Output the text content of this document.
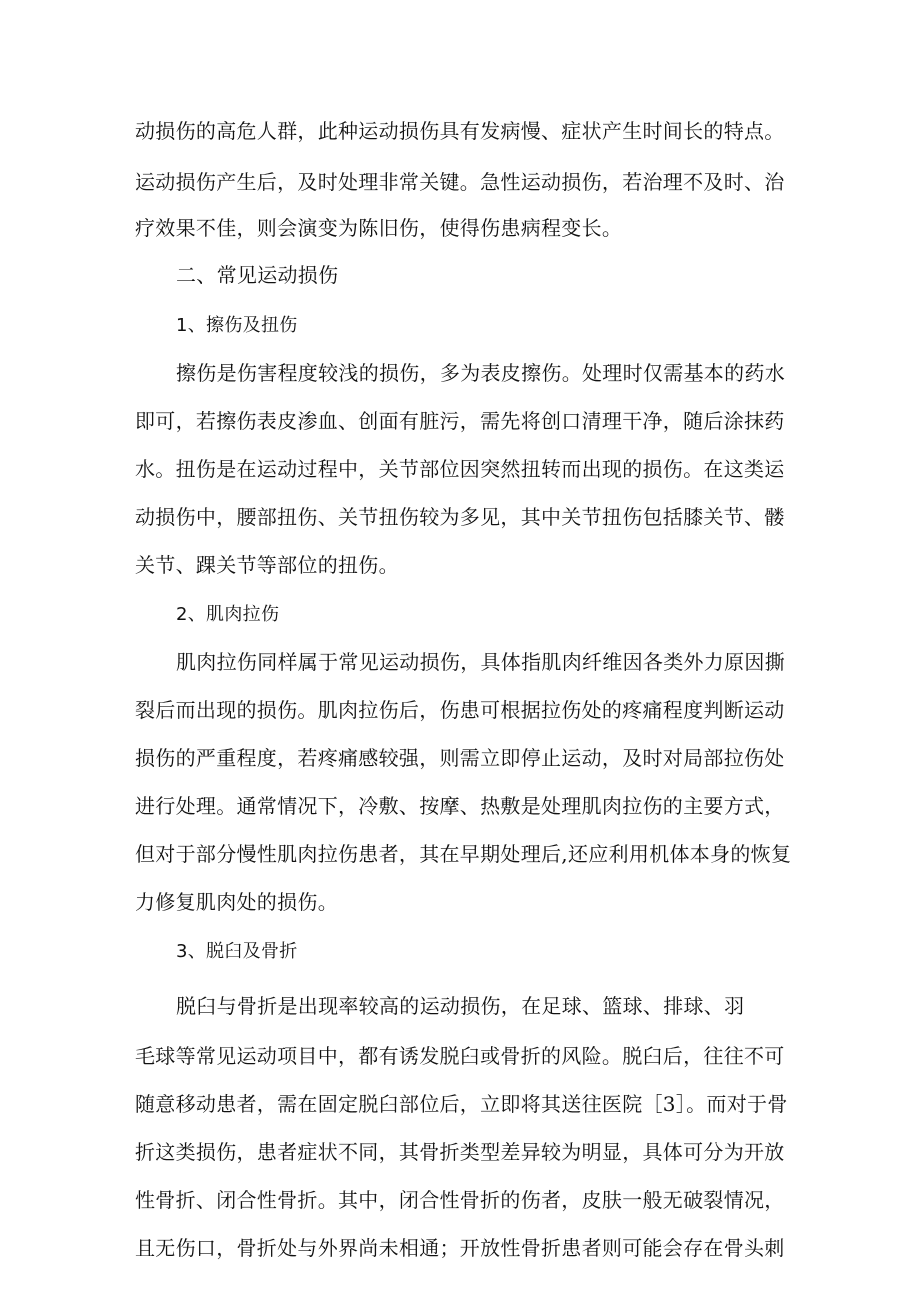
动损伤的高危人群，此种运动损伤具有发病慢、症状产生时间长的特点。
运动损伤产生后，及时处理非常关键。急性运动损伤，若治理不及时、治
疗效果不佳，则会演变为陈旧伤，使得伤患病程变长。
二、常见运动损伤
1、擦伤及扭伤
擦伤是伤害程度较浅的损伤，多为表皮擦伤。处理时仅需基本的药水
即可，若擦伤表皮渗血、创面有脏污，需先将创口清理干净，随后涂抹药
水。扭伤是在运动过程中，关节部位因突然扭转而出现的损伤。在这类运
动损伤中，腰部扭伤、关节扭伤较为多见，其中关节扭伤包括膝关节、髅
关节、踝关节等部位的扭伤。
2、肌肉拉伤
肌肉拉伤同样属于常见运动损伤，具体指肌肉纤维因各类外力原因撕
裂后而出现的损伤。肌肉拉伤后，伤患可根据拉伤处的疼痛程度判断运动
损伤的严重程度，若疼痛感较强，则需立即停止运动，及时对局部拉伤处
进行处理。通常情况下，冷敷、按摩、热敷是处理肌肉拉伤的主要方式，
但对于部分慢性肌肉拉伤患者，其在早期处理后,还应利用机体本身的恢复
力修复肌肉处的损伤。
3、脱臼及骨折
脱臼与骨折是出现率较高的运动损伤，在足球、篮球、排球、羽
毛球等常见运动项目中，都有诱发脱臼或骨折的风险。脱臼后，往往不可
随意移动患者，需在固定脱臼部位后，立即将其送往医院［3］。而对于骨
折这类损伤，患者症状不同，其骨折类型差异较为明显，具体可分为开放
性骨折、闭合性骨折。其中，闭合性骨折的伤者，皮肤一般无破裂情况，
且无伤口，骨折处与外界尚未相通；开放性骨折患者则可能会存在骨头刺
